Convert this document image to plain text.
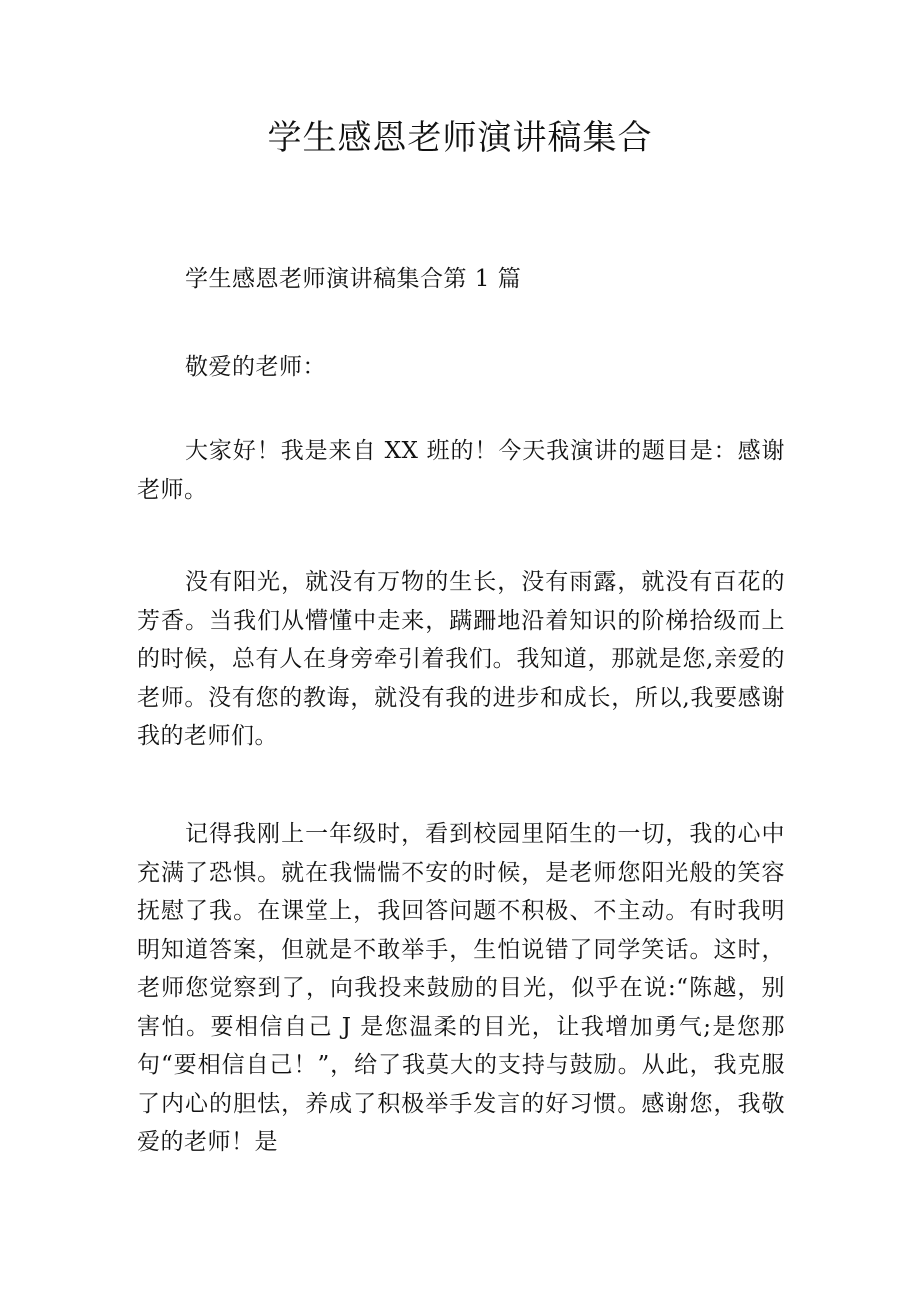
学生感恩老师演讲稿集合

学生感恩老师演讲稿集合第 1 篇

敬爱的老师：

大家好！我是来自 XX 班的！今天我演讲的题目是：感谢老师。

没有阳光，就没有万物的生长，没有雨露，就没有百花的芳香。当我们从懵懂中走来，蹒跚地沿着知识的阶梯拾级而上的时候，总有人在身旁牵引着我们。我知道，那就是您,亲爱的老师。没有您的教诲，就没有我的进步和成长，所以,我要感谢我的老师们。

记得我刚上一年级时，看到校园里陌生的一切，我的心中充满了恐惧。就在我惴惴不安的时候，是老师您阳光般的笑容抚慰了我。在课堂上，我回答问题不积极、不主动。有时我明明知道答案，但就是不敢举手，生怕说错了同学笑话。这时，老师您觉察到了，向我投来鼓励的目光，似乎在说:“陈越，别害怕。要相信自己 J 是您温柔的目光，让我增加勇气;是您那句“要相信自己！”，给了我莫大的支持与鼓励。从此，我克服了内心的胆怯，养成了积极举手发言的好习惯。感谢您，我敬爱的老师！是
